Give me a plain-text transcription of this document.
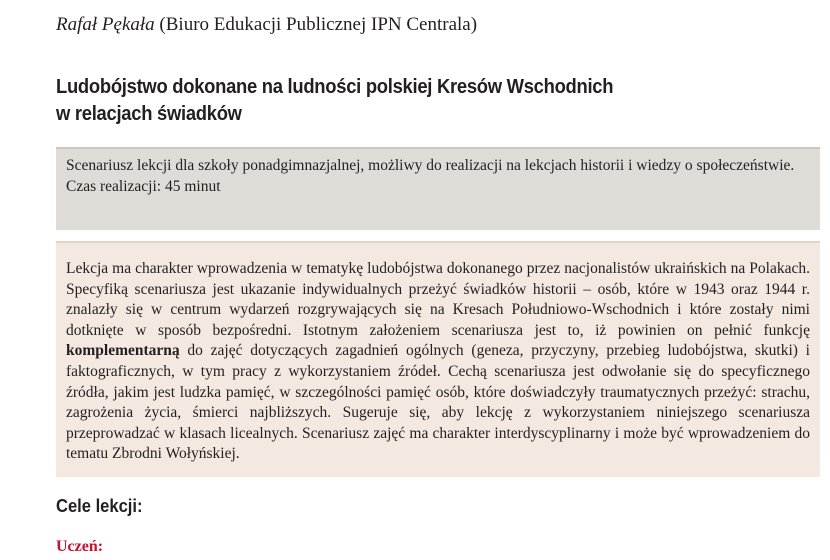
Rafał Pękała (Biuro Edukacji Publicznej IPN Centrala)
Ludobójstwo dokonane na ludności polskiej Kresów Wschodnich
w relacjach świadków

Scenariusz lekcji dla szkoły ponadgimnazjalnej, możliwy do realizacji na lekcjach historii i wiedzy o społeczeństwie.

Czas realizacji: 45 minut

Lekcja ma charakter wprowadzenia w tematykę ludobójstwa dokonanego przez nacjonalistów ukraińskich na Polakach. Specyfiką scenariusza jest ukazanie indywidualnych przeżyć świadków historii – osób, które w 1943 oraz 1944 r. znalazły się w centrum wydarzeń rozgrywających się na Kresach Południowo-Wschodnich i które zostały nimi dotknięte w sposób bezpośredni. Istotnym założeniem scenariusza jest to, iż powinien on pełnić funkcję komplementarną do zajęć dotyczących zagadnień ogólnych (geneza, przyczyny, przebieg ludobójstwa, skutki) i faktograficznych, w tym pracy z wykorzystaniem źródeł. Cechą scenariusza jest odwołanie się do specyficznego źródła, jakim jest ludzka pamięć, w szczególności pamięć osób, które doświadczyły traumatycznych przeżyć: strachu, zagrożenia życia, śmierci najbliższych. Sugeruje się, aby lekcję z wykorzystaniem niniejszego scenariusza przeprowadzać w klasach licealnych. Scenariusz zajęć ma charakter interdyscyplinarny i może być wprowadzeniem do tematu Zbrodni Wołyńskiej.

Cele lekcji:
Uczeń:
